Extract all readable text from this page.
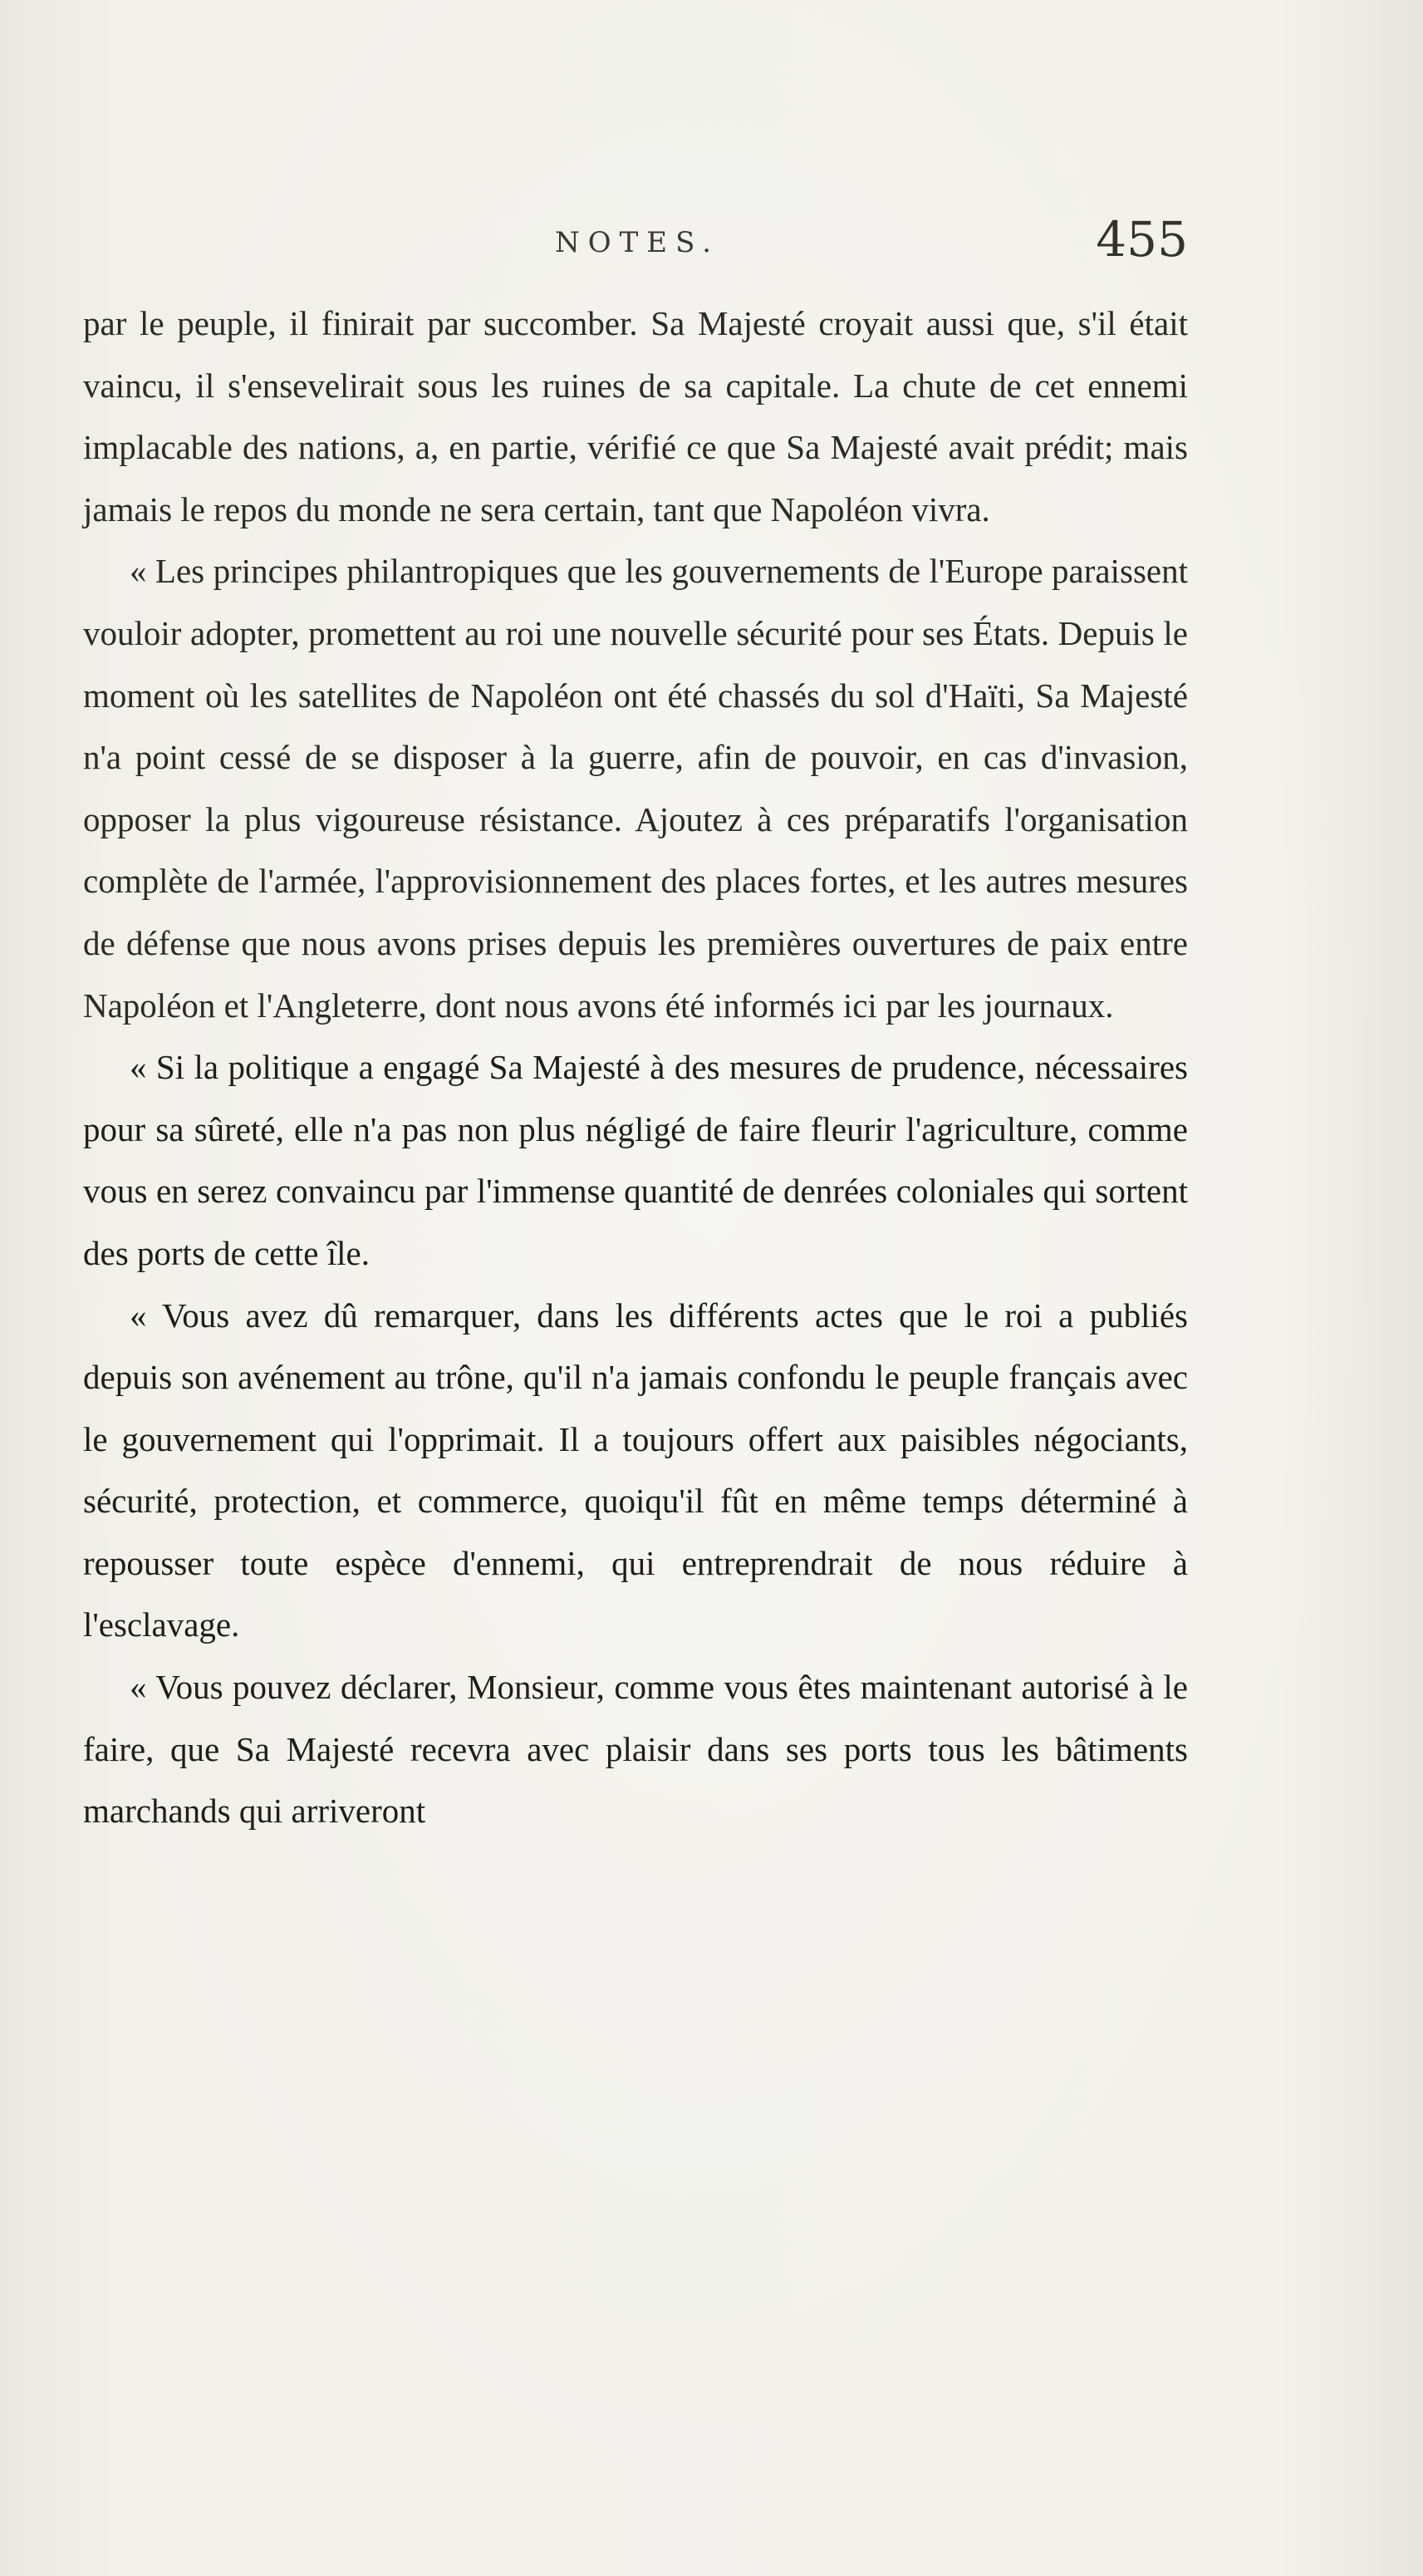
NOTES.	455

par le peuple, il finirait par succomber. Sa Majesté croyait aussi que, s'il était vaincu, il s'ensevelirait sous les ruines de sa capitale. La chute de cet ennemi implacable des nations, a, en partie, vérifié ce que Sa Majesté avait prédit; mais jamais le repos du monde ne sera certain, tant que Napoléon vivra.

« Les principes philantropiques que les gouvernements de l'Europe paraissent vouloir adopter, promettent au roi une nouvelle sécurité pour ses États. Depuis le moment où les satellites de Napoléon ont été chassés du sol d'Haïti, Sa Majesté n'a point cessé de se disposer à la guerre, afin de pouvoir, en cas d'invasion, opposer la plus vigoureuse résistance. Ajoutez à ces préparatifs l'organisation complète de l'armée, l'approvisionnement des places fortes, et les autres mesures de défense que nous avons prises depuis les premières ouvertures de paix entre Napoléon et l'Angleterre, dont nous avons été informés ici par les journaux.

« Si la politique a engagé Sa Majesté à des mesures de prudence, nécessaires pour sa sûreté, elle n'a pas non plus négligé de faire fleurir l'agriculture, comme vous en serez convaincu par l'immense quantité de denrées coloniales qui sortent des ports de cette île.

« Vous avez dû remarquer, dans les différents actes que le roi a publiés depuis son avénement au trône, qu'il n'a jamais confondu le peuple français avec le gouvernement qui l'opprimait. Il a toujours offert aux paisibles négociants, sécurité, protection, et commerce, quoiqu'il fût en même temps déterminé à repousser toute espèce d'ennemi, qui entreprendrait de nous réduire à l'esclavage.

« Vous pouvez déclarer, Monsieur, comme vous êtes maintenant autorisé à le faire, que Sa Majesté recevra avec plaisir dans ses ports tous les bâtiments marchands qui arriveront
